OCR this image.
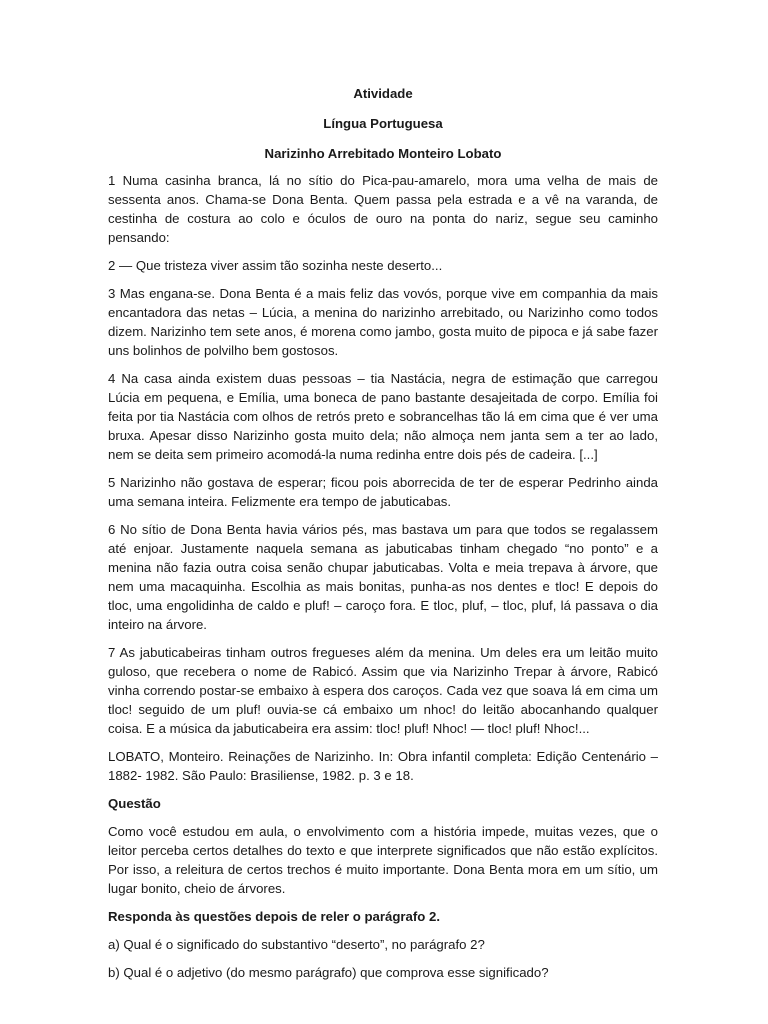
Atividade
Língua Portuguesa
Narizinho Arrebitado Monteiro Lobato

1 Numa casinha branca, lá no sítio do Pica-pau-amarelo, mora uma velha de mais de sessenta anos. Chama-se Dona Benta. Quem passa pela estrada e a vê na varanda, de cestinha de costura ao colo e óculos de ouro na ponta do nariz, segue seu caminho pensando:

2 — Que tristeza viver assim tão sozinha neste deserto...

3 Mas engana-se. Dona Benta é a mais feliz das vovós, porque vive em companhia da mais encantadora das netas – Lúcia, a menina do narizinho arrebitado, ou Narizinho como todos dizem. Narizinho tem sete anos, é morena como jambo, gosta muito de pipoca e já sabe fazer uns bolinhos de polvilho bem gostosos.

4 Na casa ainda existem duas pessoas – tia Nastácia, negra de estimação que carregou Lúcia em pequena, e Emília, uma boneca de pano bastante desajeitada de corpo. Emília foi feita por tia Nastácia com olhos de retrós preto e sobrancelhas tão lá em cima que é ver uma bruxa. Apesar disso Narizinho gosta muito dela; não almoça nem janta sem a ter ao lado, nem se deita sem primeiro acomodá-la numa redinha entre dois pés de cadeira. [...]

5 Narizinho não gostava de esperar; ficou pois aborrecida de ter de esperar Pedrinho ainda uma semana inteira. Felizmente era tempo de jabuticabas.

6 No sítio de Dona Benta havia vários pés, mas bastava um para que todos se regalassem até enjoar. Justamente naquela semana as jabuticabas tinham chegado “no ponto” e a menina não fazia outra coisa senão chupar jabuticabas. Volta e meia trepava à árvore, que nem uma macaquinha. Escolhia as mais bonitas, punha-as nos dentes e tloc! E depois do tloc, uma engolidinha de caldo e pluf! – caroço fora. E tloc, pluf, – tloc, pluf, lá passava o dia inteiro na árvore.

7 As jabuticabeiras tinham outros fregueses além da menina. Um deles era um leitão muito guloso, que recebera o nome de Rabicó. Assim que via Narizinho Trepar à árvore, Rabicó vinha correndo postar-se embaixo à espera dos caroços. Cada vez que soava lá em cima um tloc! seguido de um pluf! ouvia-se cá embaixo um nhoc! do leitão abocanhando qualquer coisa. E a música da jabuticabeira era assim: tloc! pluf! Nhoc! — tloc! pluf! Nhoc!...

LOBATO, Monteiro. Reinações de Narizinho. In: Obra infantil completa: Edição Centenário – 1882- 1982. São Paulo: Brasiliense, 1982. p. 3 e 18.

Questão

Como você estudou em aula, o envolvimento com a história impede, muitas vezes, que o leitor perceba certos detalhes do texto e que interprete significados que não estão explícitos. Por isso, a releitura de certos trechos é muito importante. Dona Benta mora em um sítio, um lugar bonito, cheio de árvores.

Responda às questões depois de reler o parágrafo 2.

a) Qual é o significado do substantivo “deserto”, no parágrafo 2?

b) Qual é o adjetivo (do mesmo parágrafo) que comprova esse significado?
